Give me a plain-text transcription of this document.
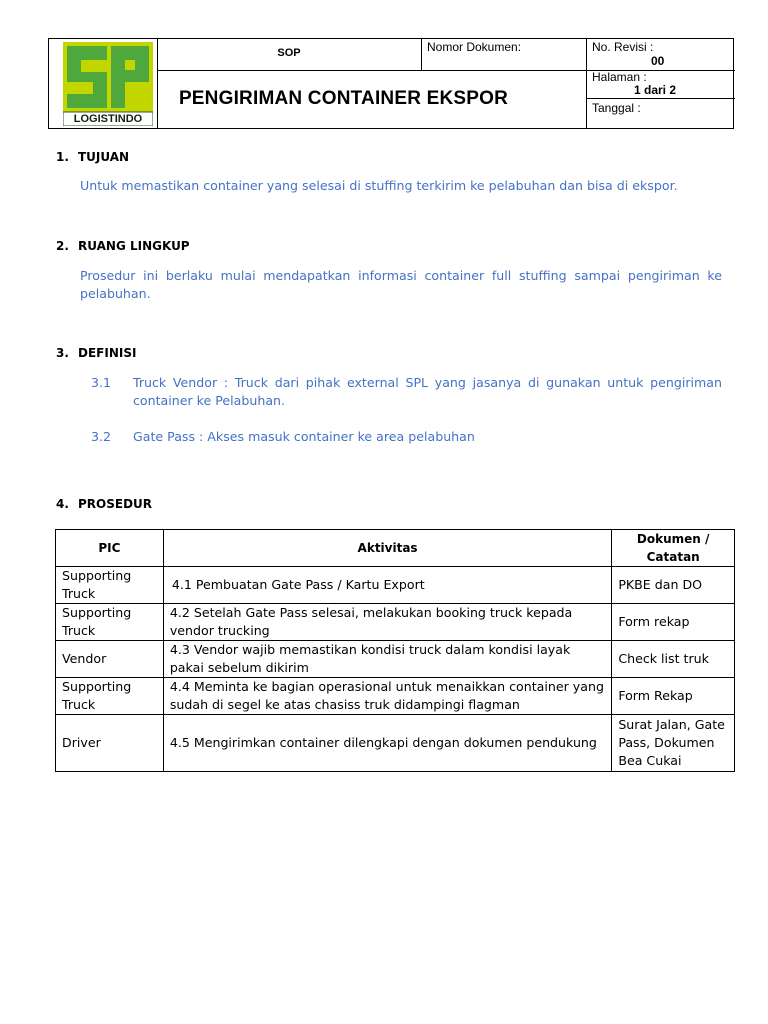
LOGISTINDO
SOP
PENGIRIMAN CONTAINER EKSPOR
Nomor Dokumen:	No. Revisi :
00
Halaman :
1 dari 2
Tanggal :
1. TUJUAN
Untuk memastikan container yang selesai di stuffing terkirim ke pelabuhan dan bisa di ekspor.
2. RUANG LINGKUP
Prosedur ini berlaku mulai mendapatkan informasi container full stuffing sampai pengiriman ke pelabuhan.
3. DEFINISI
3.1 Truck Vendor : Truck dari pihak external SPL yang jasanya di gunakan untuk pengiriman container ke Pelabuhan.
3.2 Gate Pass : Akses masuk container ke area pelabuhan
4. PROSEDUR
PIC	Aktivitas	Dokumen / Catatan
Supporting Truck	4.1 Pembuatan Gate Pass / Kartu Export	PKBE dan DO
Supporting Truck	4.2 Setelah Gate Pass selesai, melakukan booking truck kepada vendor trucking	Form rekap
Vendor	4.3 Vendor wajib memastikan kondisi truck dalam kondisi layak pakai sebelum dikirim	Check list truk
Supporting Truck	4.4 Meminta ke bagian operasional untuk menaikkan container yang sudah di segel ke atas chasiss truk didampingi flagman	Form Rekap
Driver	4.5 Mengirimkan container dilengkapi dengan dokumen pendukung	Surat Jalan, Gate Pass, Dokumen Bea Cukai
